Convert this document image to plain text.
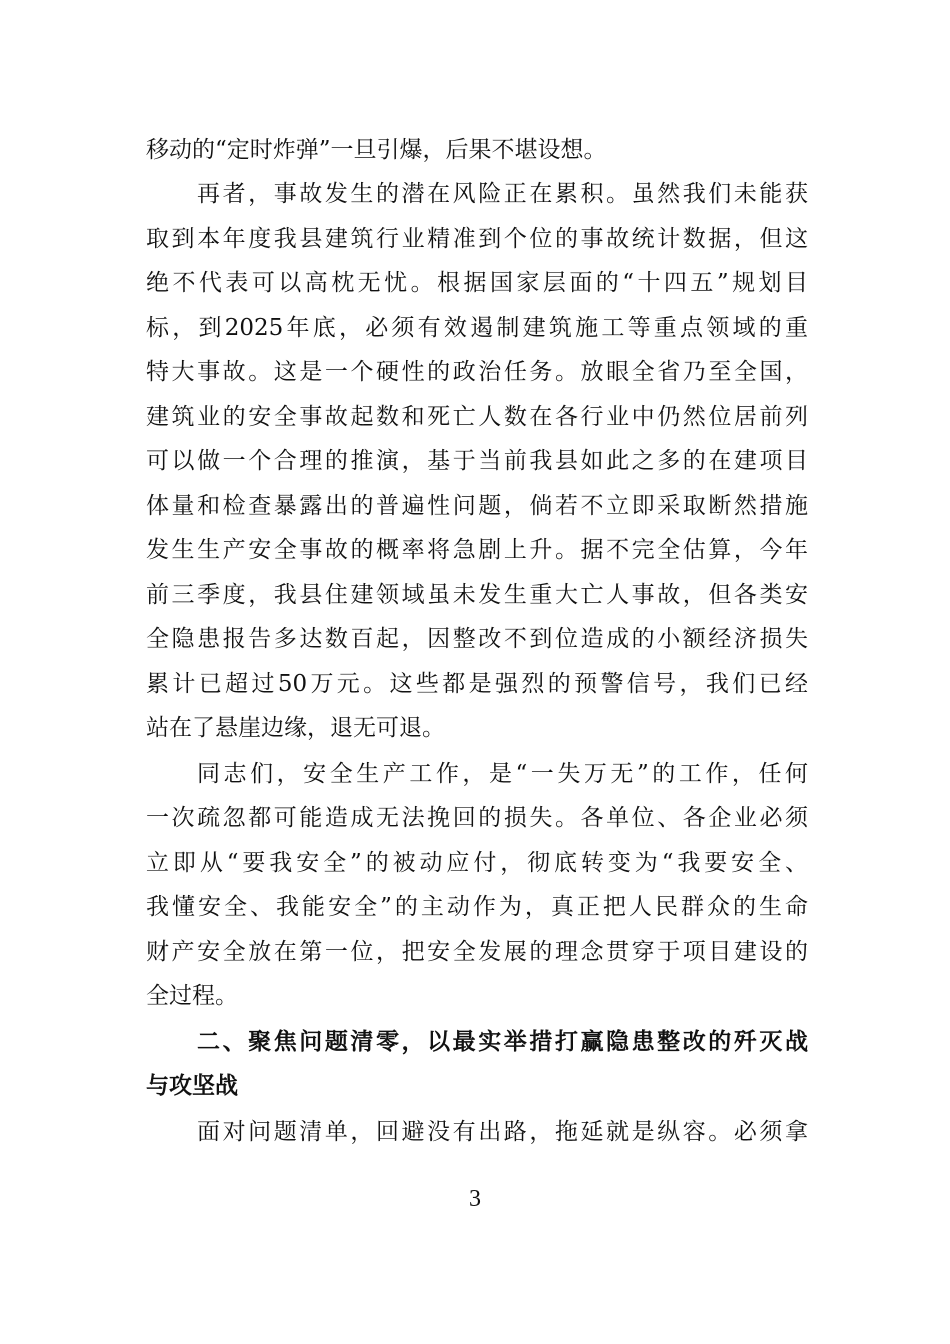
移动的“定时炸弹”一旦引爆，后果不堪设想。
再者，事故发生的潜在风险正在累积。虽然我们未能获
取到本年度我县建筑行业精准到个位的事故统计数据，但这
绝不代表可以高枕无忧。根据国家层面的“十四五”规划目
标，到2025年底，必须有效遏制建筑施工等重点领域的重
特大事故。这是一个硬性的政治任务。放眼全省乃至全国，
建筑业的安全事故起数和死亡人数在各行业中仍然位居前列
可以做一个合理的推演，基于当前我县如此之多的在建项目
体量和检查暴露出的普遍性问题，倘若不立即采取断然措施
发生生产安全事故的概率将急剧上升。据不完全估算，今年
前三季度，我县住建领域虽未发生重大亡人事故，但各类安
全隐患报告多达数百起，因整改不到位造成的小额经济损失
累计已超过50万元。这些都是强烈的预警信号，我们已经
站在了悬崖边缘，退无可退。
同志们，安全生产工作，是“一失万无”的工作，任何
一次疏忽都可能造成无法挽回的损失。各单位、各企业必须
立即从“要我安全”的被动应付，彻底转变为“我要安全、
我懂安全、我能安全”的主动作为，真正把人民群众的生命
财产安全放在第一位，把安全发展的理念贯穿于项目建设的
全过程。
二、聚焦问题清零，以最实举措打赢隐患整改的歼灭战
与攻坚战
面对问题清单，回避没有出路，拖延就是纵容。必须拿
3
